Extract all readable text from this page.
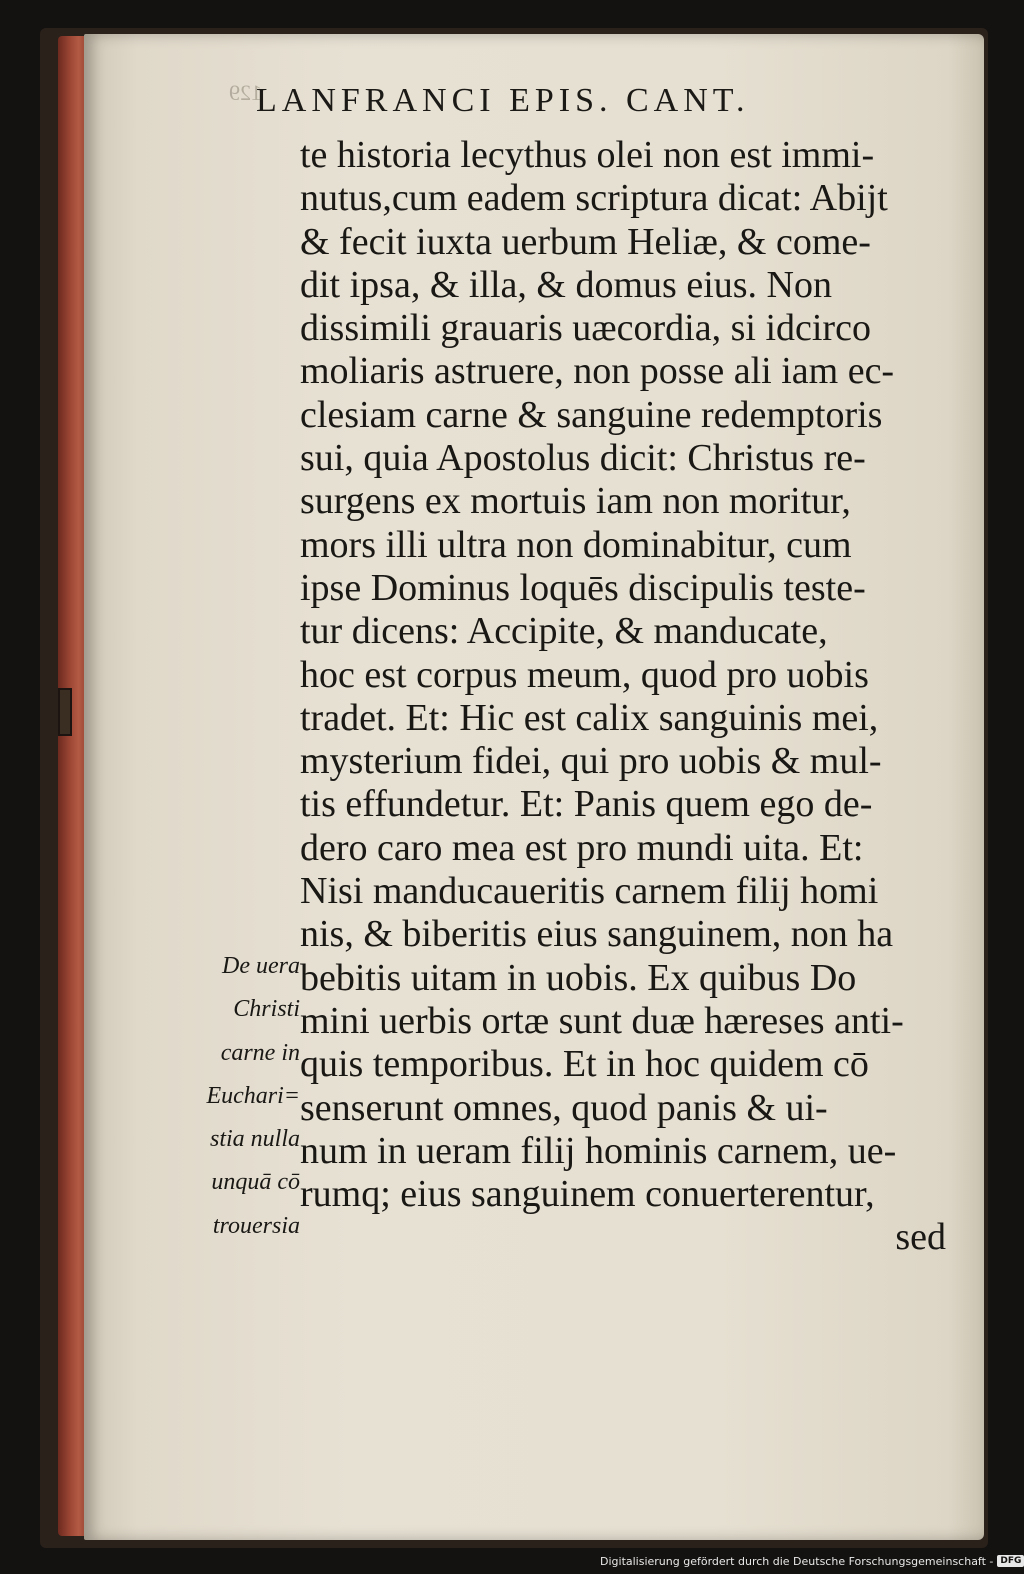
129
LANFRANCI EPIS. CANT.
te historia lecythus olei non est immi-
nutus,cum eadem scriptura dicat: Abijt
& fecit iuxta uerbum Heliæ, & come-
dit ipsa, & illa, & domus eius. Non
dissimili grauaris uæcordia, si idcirco
moliaris astruere, non posse ali iam ec-
clesiam carne & sanguine redemptoris
sui, quia Apostolus dicit: Christus re-
surgens ex mortuis iam non moritur,
mors illi ultra non dominabitur, cum
ipse Dominus loquēs discipulis teste-
tur dicens: Accipite, & manducate,
hoc est corpus meum, quod pro uobis
tradet. Et: Hic est calix sanguinis mei,
mysterium fidei, qui pro uobis & mul-
tis effundetur. Et: Panis quem ego de-
dero caro mea est pro mundi uita. Et:
Nisi manducaueritis carnem filij homi
nis, & biberitis eius sanguinem, non ha
bebitis uitam in uobis. Ex quibus Do
mini uerbis ortæ sunt duæ hæreses anti-
quis temporibus. Et in hoc quidem cō
senserunt omnes, quod panis & ui-
num in ueram filij hominis carnem, ue-
rumq; eius sanguinem conuerterentur,
sed
De uera
Christi
carne in
Euchari=
stia nulla
unquā cō
trouersia
Digitalisierung gefördert durch die Deutsche Forschungsgemeinschaft - DFG
